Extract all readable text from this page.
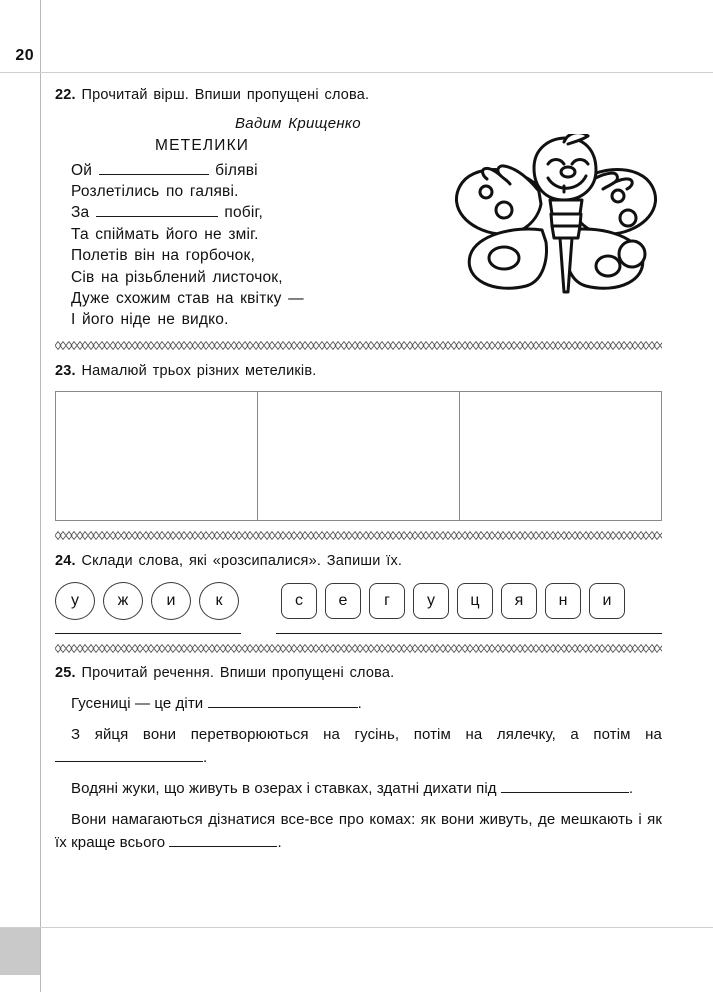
20

22. Прочитай вірш. Впиши пропущені слова.

Вадим Крищенко

МЕТЕЛИКИ

Ой	біляві
Розлетілись по галяві.
За	побіг,
Та спіймать його не зміг.
Полетів він на горбочок,
Сів на різьблений листочок,
Дуже схожим став на квітку —
І його ніде не видко.

23. Намалюй трьох різних метеликів.

24. Склади слова, які «розсипалися». Запиши їх.

у	ж	и	к	с	е	г	у	ц	я	н	и

25. Прочитай речення. Впиши пропущені слова.

Гусениці — це діти	.

З яйця вони перетворюються на гусінь, потім на лялечку, а потім на .

Водяні жуки, що живуть в озерах і ставках, здатні дихати під	.

Вони намагаються дізнатися все-все про комах: як вони живуть, де мешкають і як їх краще всього	.
